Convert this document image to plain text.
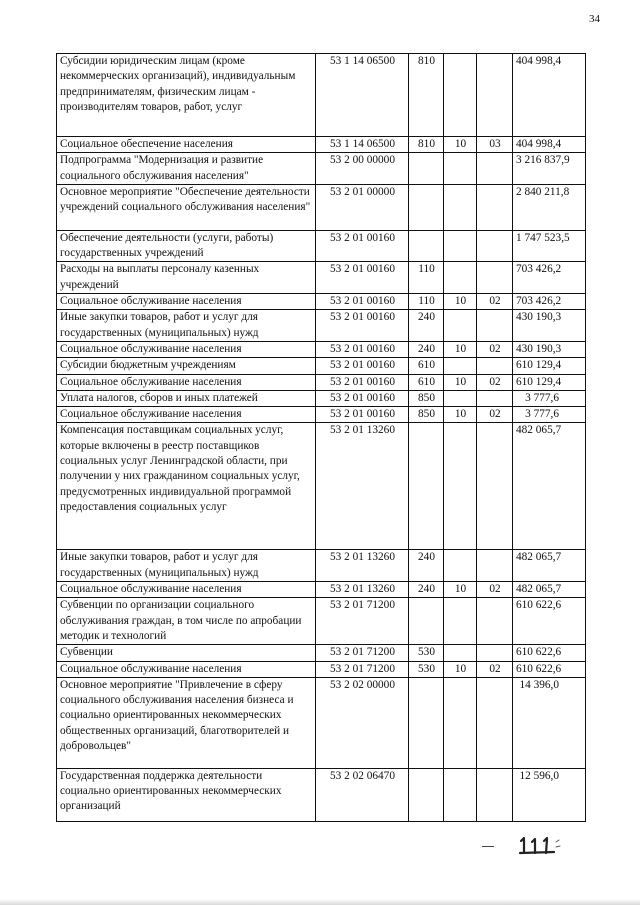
34
Субсидии юридическим лицам (кроме некоммерческих организаций), индивидуальным предпринимателям, физическим лицам - производителям товаров, работ, услуг	53 1 14 06500	810			404 998,4
Социальное обеспечение населения	53 1 14 06500	810	10	03	404 998,4
Подпрограмма "Модернизация и развитие социального обслуживания населения"	53 2 00 00000				3 216 837,9
Основное мероприятие "Обеспечение деятельности учреждений социального обслуживания населения"	53 2 01 00000				2 840 211,8
Обеспечение деятельности (услуги, работы) государственных учреждений	53 2 01 00160				1 747 523,5
Расходы на выплаты персоналу казенных учреждений	53 2 01 00160	110			703 426,2
Социальное обслуживание населения	53 2 01 00160	110	10	02	703 426,2
Иные закупки товаров, работ и услуг для государственных (муниципальных) нужд	53 2 01 00160	240			430 190,3
Социальное обслуживание населения	53 2 01 00160	240	10	02	430 190,3
Субсидии бюджетным учреждениям	53 2 01 00160	610			610 129,4
Социальное обслуживание населения	53 2 01 00160	610	10	02	610 129,4
Уплата налогов, сборов и иных платежей	53 2 01 00160	850			3 777,6
Социальное обслуживание населения	53 2 01 00160	850	10	02	3 777,6
Компенсация поставщикам социальных услуг, которые включены в реестр поставщиков социальных услуг Ленинградской области, при получении у них гражданином социальных услуг, предусмотренных индивидуальной программой предоставления социальных услуг	53 2 01 13260				482 065,7
Иные закупки товаров, работ и услуг для государственных (муниципальных) нужд	53 2 01 13260	240			482 065,7
Социальное обслуживание населения	53 2 01 13260	240	10	02	482 065,7
Субвенции по организации социального обслуживания граждан, в том числе по апробации методик и технологий	53 2 01 71200				610 622,6
Субвенции	53 2 01 71200	530			610 622,6
Социальное обслуживание населения	53 2 01 71200	530	10	02	610 622,6
Основное мероприятие "Привлечение в сферу социального обслуживания населения бизнеса и социально ориентированных некоммерческих общественных организаций, благотворителей и добровольцев"	53 2 02 00000				14 396,0
Государственная поддержка деятельности социально ориентированных некоммерческих организаций	53 2 02 06470				12 596,0
